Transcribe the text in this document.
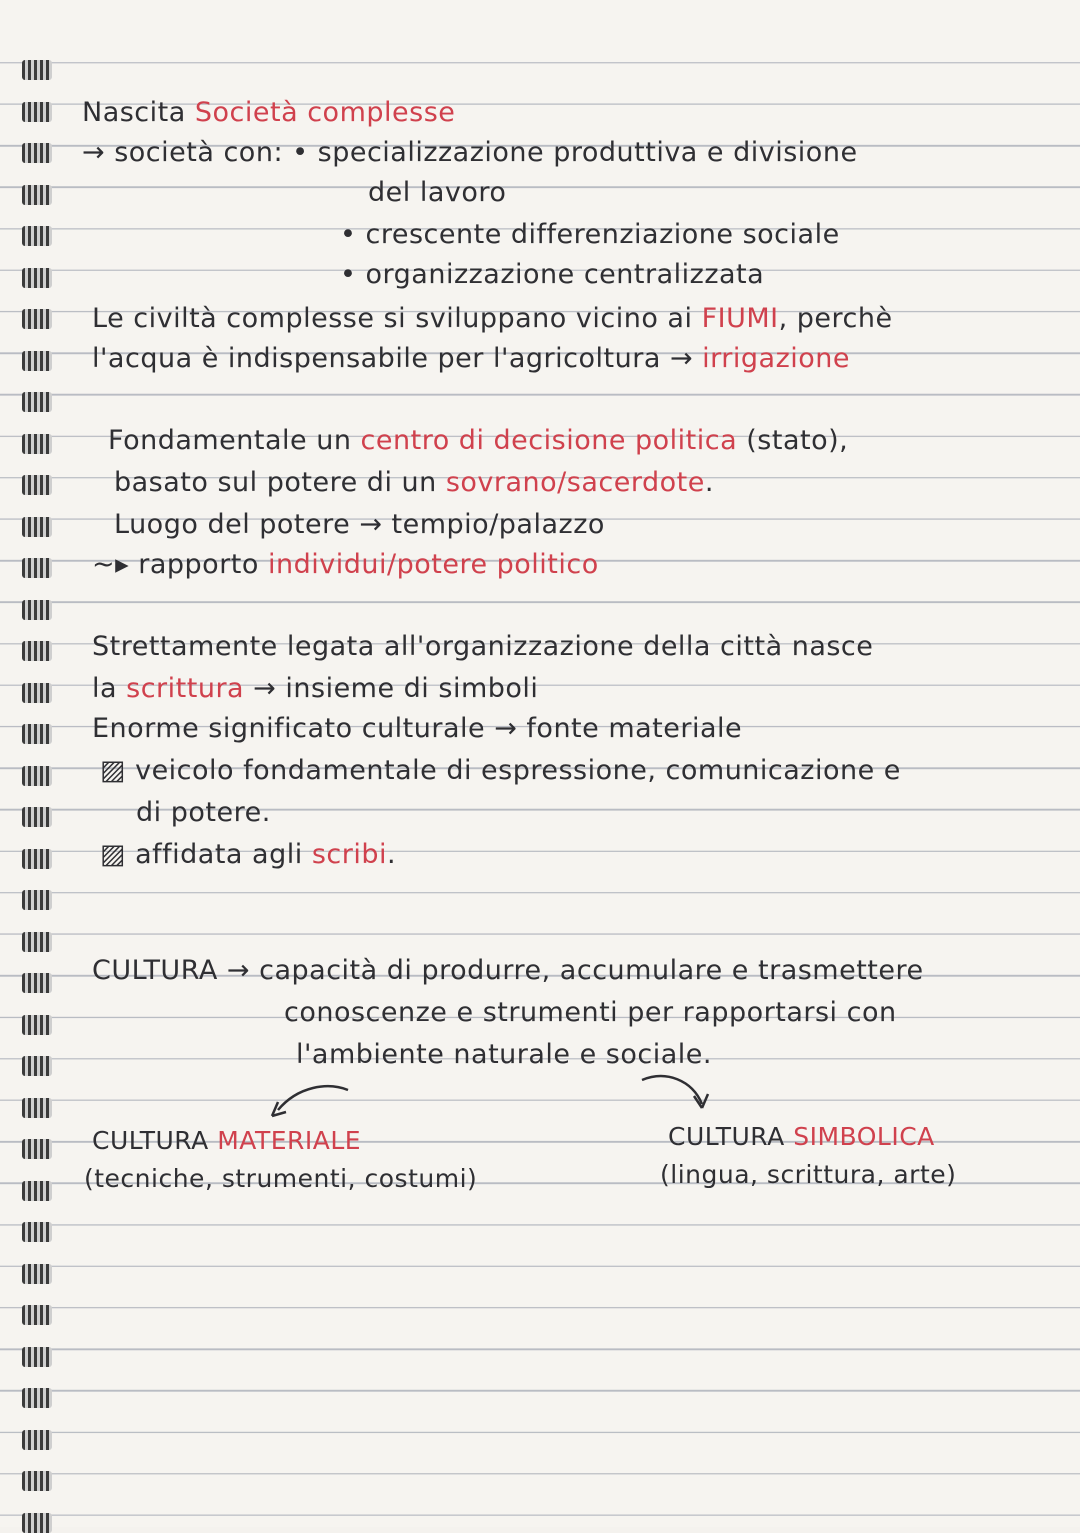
Nascita Società complesse
→ società con: • specializzazione produttiva e divisione
del lavoro
• crescente differenziazione sociale
• organizzazione centralizzata
Le civiltà complesse si sviluppano vicino ai FIUMI, perchè
l'acqua è indispensabile per l'agricoltura → irrigazione
Fondamentale un centro di decisione politica (stato),
basato sul potere di un sovrano/sacerdote.
Luogo del potere → tempio/palazzo
~▸ rapporto individui/potere politico
Strettamente legata all'organizzazione della città nasce
la scrittura → insieme di simboli
Enorme significato culturale → fonte materiale
▨ veicolo fondamentale di espressione, comunicazione e
di potere.
▨ affidata agli scribi.
CULTURA → capacità di produrre, accumulare e trasmettere
conoscenze e strumenti per rapportarsi con
l'ambiente naturale e sociale.
CULTURA MATERIALE
(tecniche, strumenti, costumi)
CULTURA SIMBOLICA
(lingua, scrittura, arte)
